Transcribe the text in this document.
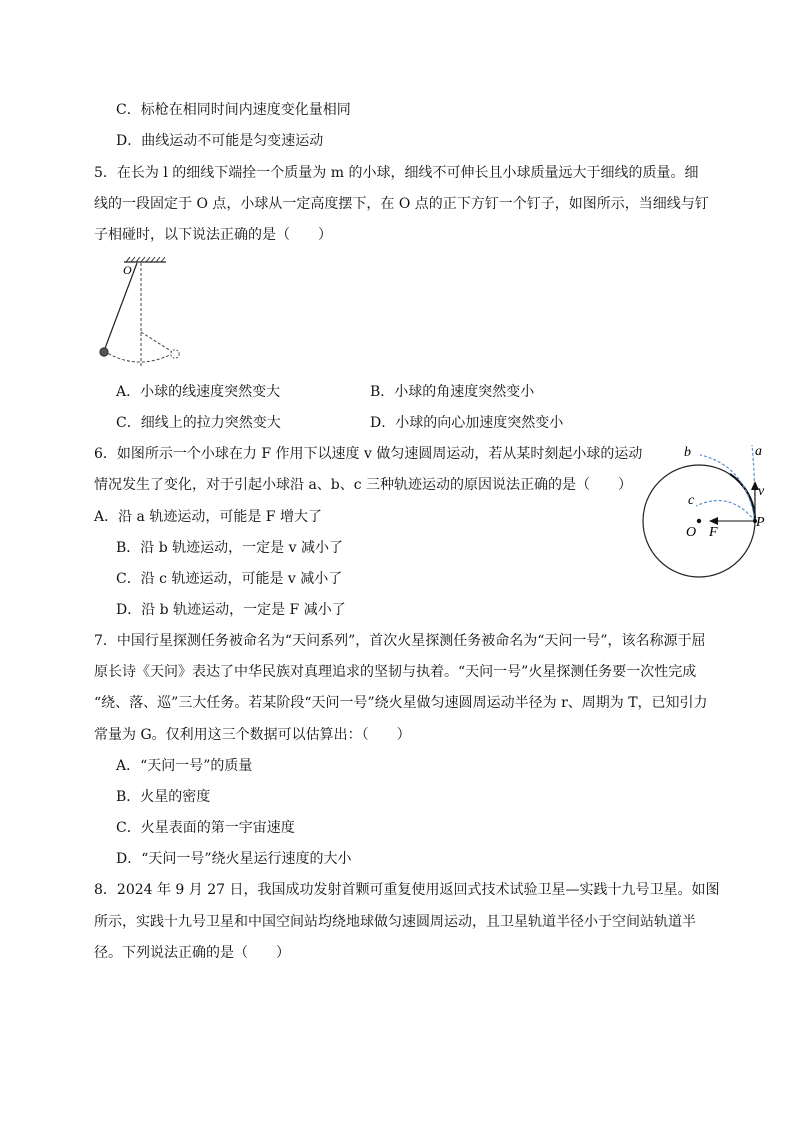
C．标枪在相同时间内速度变化量相同
D．曲线运动不可能是匀变速运动
5．在长为 l 的细线下端拴一个质量为 m 的小球，细线不可伸长且小球质量远大于细线的质量。细
线的一段固定于 O 点，小球从一定高度摆下，在 O 点的正下方钉一个钉子，如图所示，当细线与钉
子相碰时，以下说法正确的是（　　）
O
A．小球的线速度突然变大	B．小球的角速度突然变小
C．细线上的拉力突然变大	D．小球的向心加速度突然变小
6．如图所示一个小球在力 F 作用下以速度 v 做匀速圆周运动，若从某时刻起小球的运动
情况发生了变化，对于引起小球沿 a、b、c 三种轨迹运动的原因说法正确的是（　　）
A．沿 a 轨迹运动，可能是 F 增大了
B．沿 b 轨迹运动，一定是 v 减小了
C．沿 c 轨迹运动，可能是 v 减小了
D．沿 b 轨迹运动，一定是 F 减小了
a
b
c
v
O F
P
7．中国行星探测任务被命名为“天问系列”，首次火星探测任务被命名为“天问一号”，该名称源于屈
原长诗《天问》表达了中华民族对真理追求的坚韧与执着。“天问一号”火星探测任务要一次性完成
“绕、落、巡”三大任务。若某阶段“天问一号”绕火星做匀速圆周运动半径为 r、周期为 T，已知引力
常量为 G。仅利用这三个数据可以估算出：（　　）
A．“天问一号”的质量
B．火星的密度
C．火星表面的第一宇宙速度
D．“天问一号”绕火星运行速度的大小
8．2024 年 9 月 27 日，我国成功发射首颗可重复使用返回式技术试验卫星—实践十九号卫星。如图
所示，实践十九号卫星和中国空间站均绕地球做匀速圆周运动，且卫星轨道半径小于空间站轨道半
径。下列说法正确的是（　　）
